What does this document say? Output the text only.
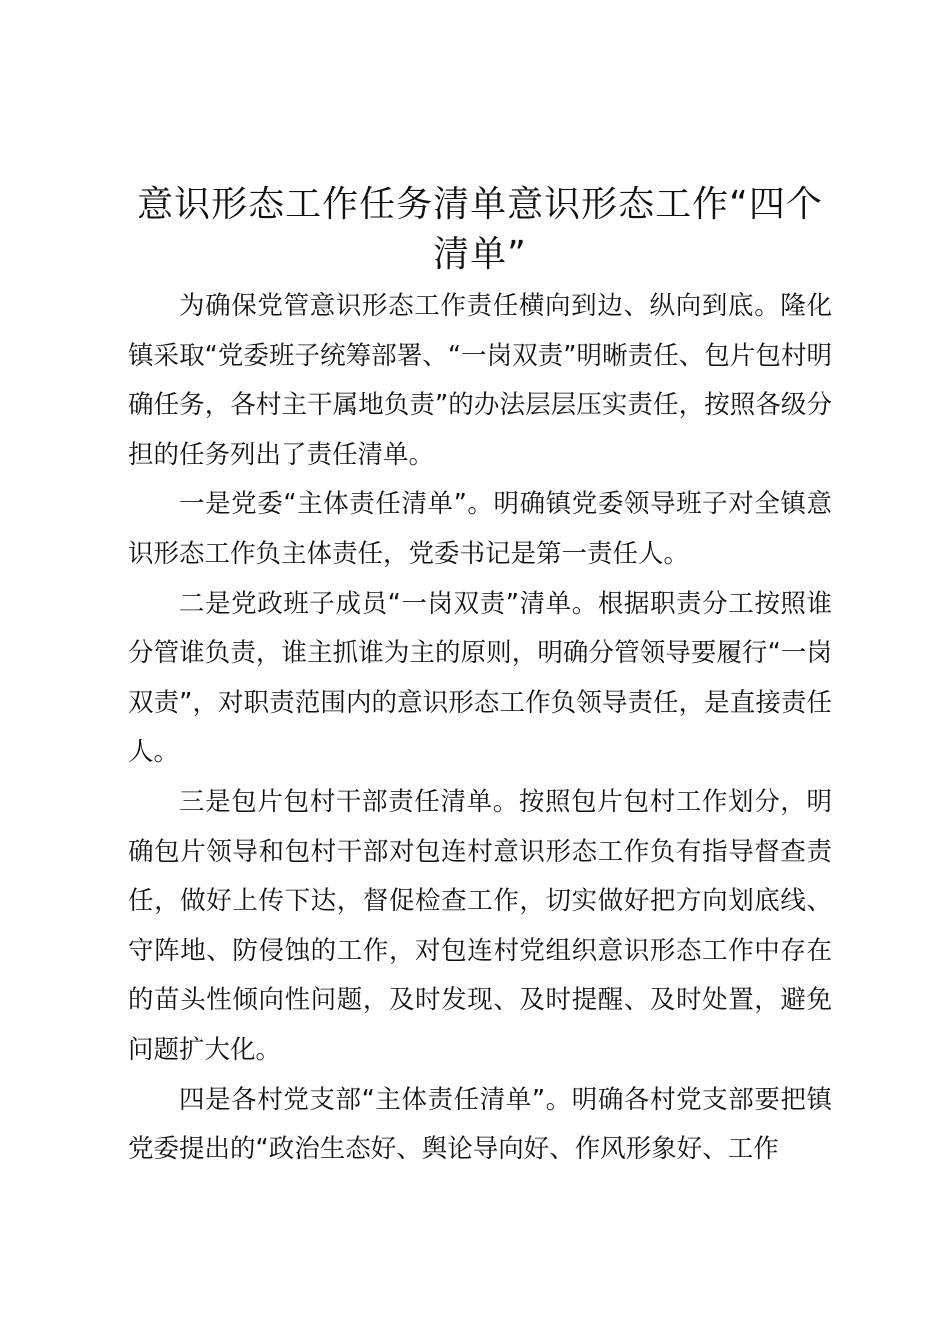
意识形态工作任务清单意识形态工作“四个清单”

为确保党管意识形态工作责任横向到边、纵向到底。隆化镇采取“党委班子统筹部署、“一岗双责”明晰责任、包片包村明确任务，各村主干属地负责”的办法层层压实责任，按照各级分担的任务列出了责任清单。

一是党委“主体责任清单”。明确镇党委领导班子对全镇意识形态工作负主体责任，党委书记是第一责任人。

二是党政班子成员“一岗双责”清单。根据职责分工按照谁分管谁负责，谁主抓谁为主的原则，明确分管领导要履行“一岗双责”，对职责范围内的意识形态工作负领导责任，是直接责任人。

三是包片包村干部责任清单。按照包片包村工作划分，明确包片领导和包村干部对包连村意识形态工作负有指导督查责任，做好上传下达，督促检查工作，切实做好把方向划底线、守阵地、防侵蚀的工作，对包连村党组织意识形态工作中存在的苗头性倾向性问题，及时发现、及时提醒、及时处置，避免问题扩大化。

四是各村党支部“主体责任清单”。明确各村党支部要把镇党委提出的“政治生态好、舆论导向好、作风形象好、工作
